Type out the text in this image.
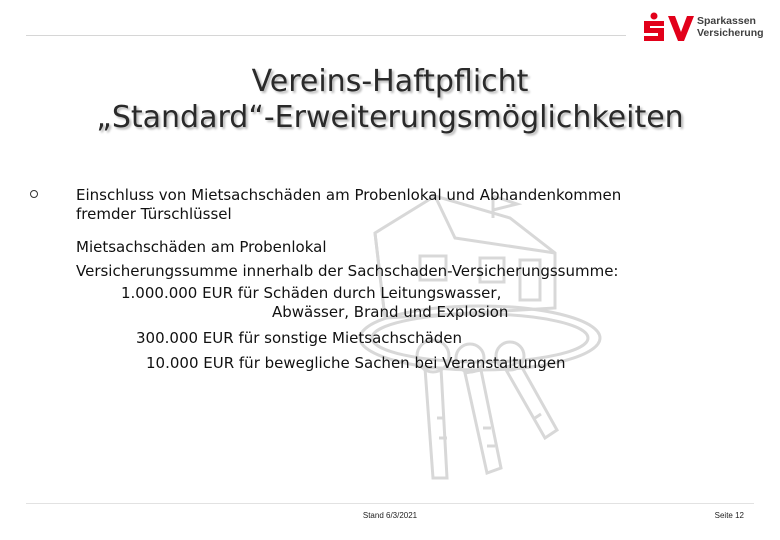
Sparkassen
Versicherung
Vereins-Haftpflicht
„Standard“-Erweiterungsmöglichkeiten
Einschluss von Mietsachschäden am Probenlokal und Abhandenkommen
fremder Türschlüssel
Mietsachschäden am Probenlokal
Versicherungssumme innerhalb der Sachschaden-Versicherungssumme:
1.000.000 EUR für Schäden durch Leitungswasser,
Abwässer, Brand und Explosion
300.000 EUR für sonstige Mietsachschäden
10.000 EUR für bewegliche Sachen bei Veranstaltungen
Stand 6/3/2021	Seite 12
